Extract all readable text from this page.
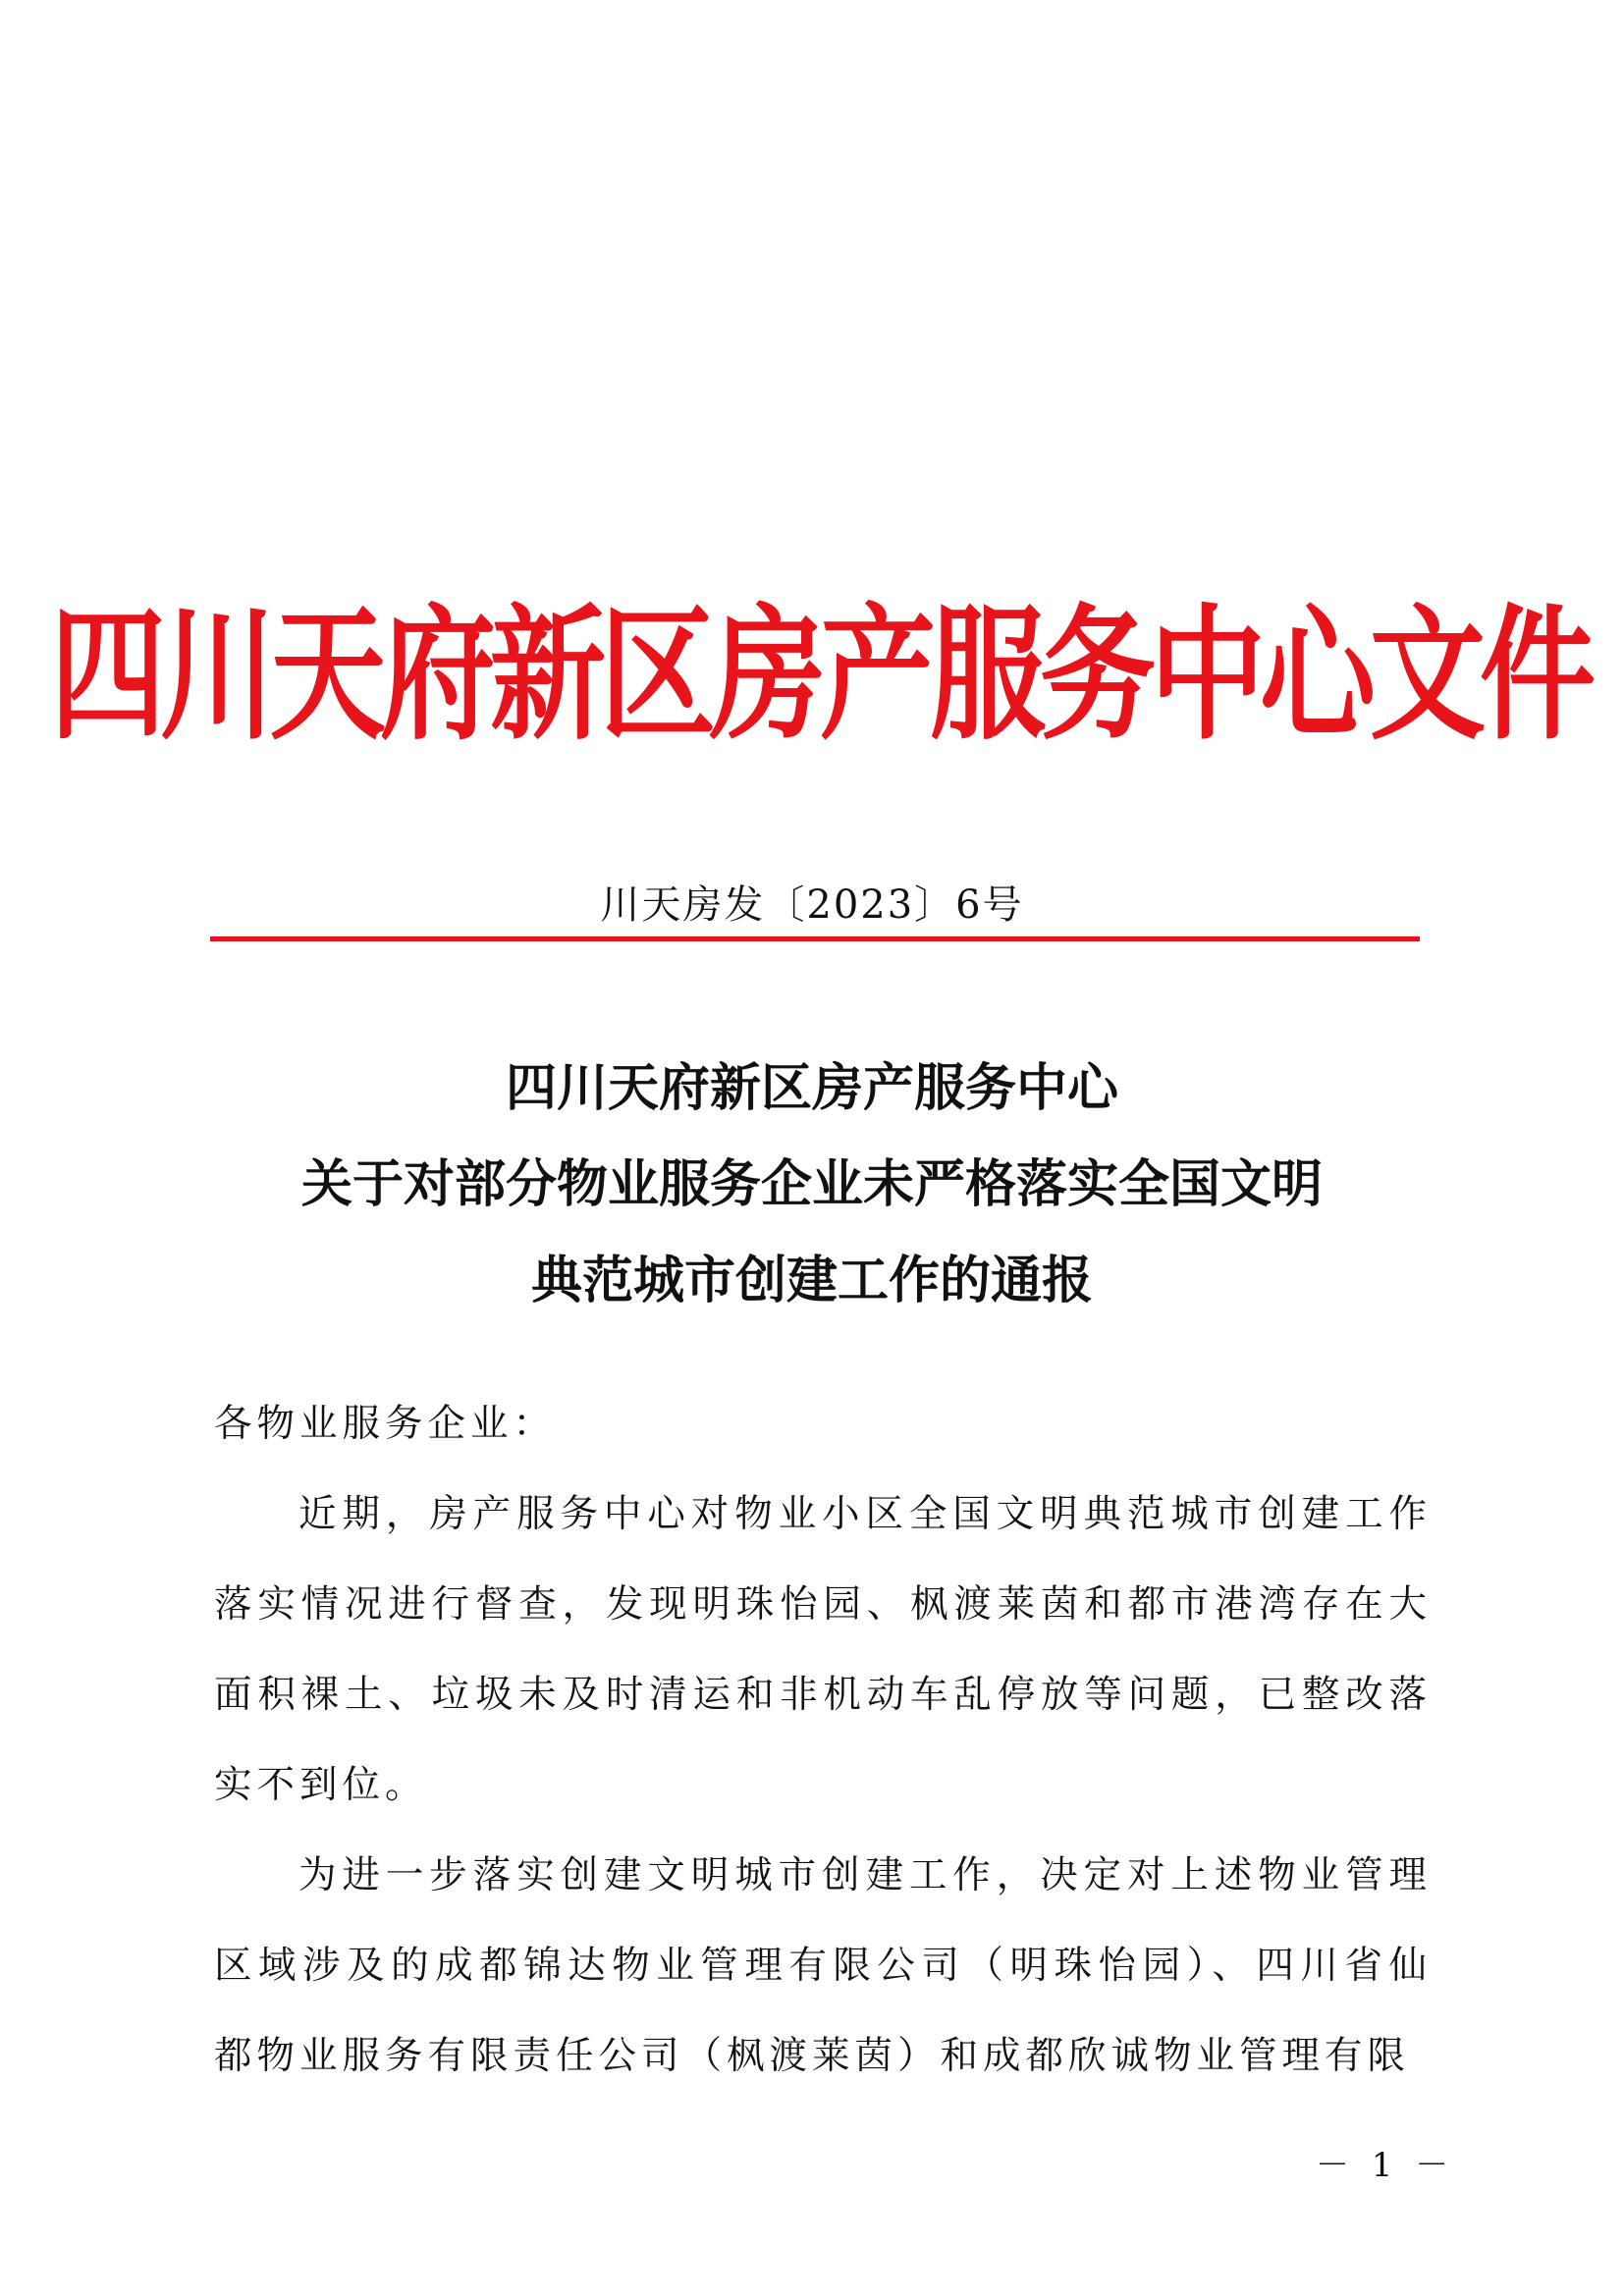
四川天府新区房产服务中心文件
川天房发〔2023〕6号
四川天府新区房产服务中心
关于对部分物业服务企业未严格落实全国文明
典范城市创建工作的通报

各物业服务企业：

近期，房产服务中心对物业小区全国文明典范城市创建工作落实情况进行督查，发现明珠怡园、枫渡莱茵和都市港湾存在大面积裸土、垃圾未及时清运和非机动车乱停放等问题，已整改落实不到位。

为进一步落实创建文明城市创建工作，决定对上述物业管理区域涉及的成都锦达物业管理有限公司（明珠怡园）、四川省仙都物业服务有限责任公司（枫渡莱茵）和成都欣诚物业管理有限

－ 1 －
